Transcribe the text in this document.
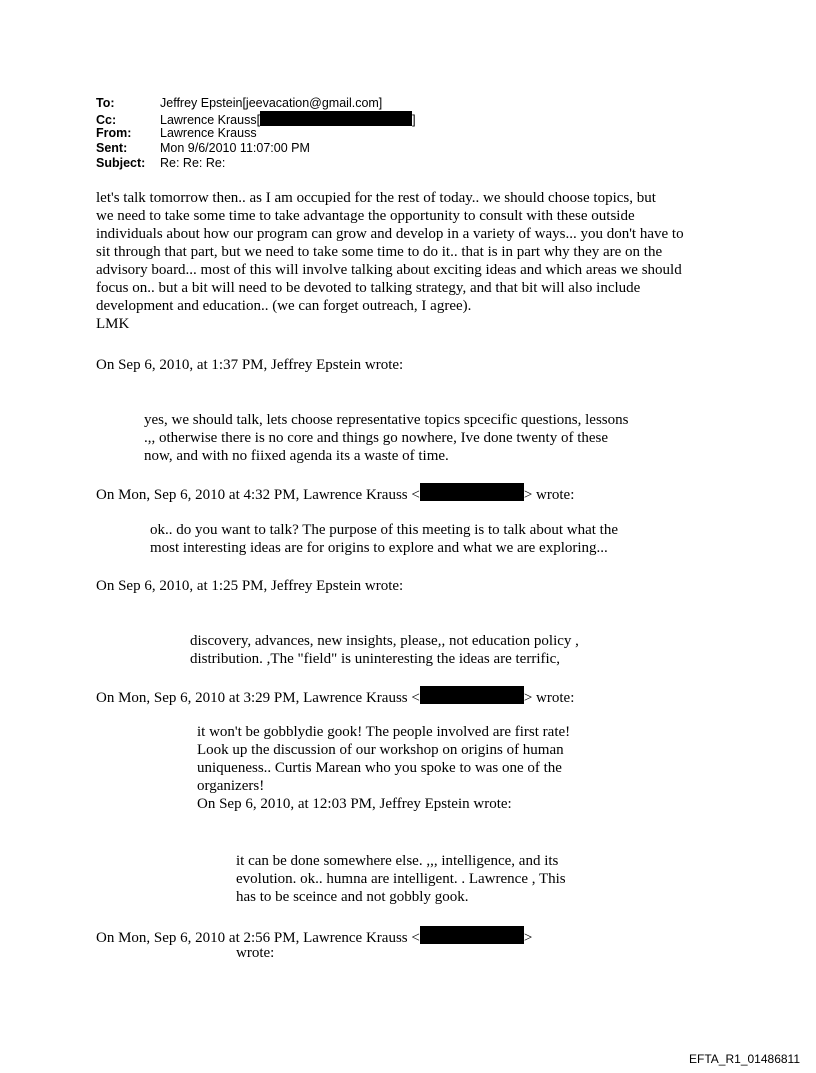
To:	Jeffrey Epstein[jeevacation@gmail.com]
Cc:	Lawrence Krauss[	]
From: Lawrence Krauss
Sent:	Mon 9/6/2010 11:07:00 PM
Subject: Re: Re: Re:
let's talk tomorrow then.. as I am occupied for the rest of today.. we should choose topics, but
we need to take some time to take advantage the opportunity to consult with these outside
individuals about how our program can grow and develop in a variety of ways... you don't have to
sit through that part, but we need to take some time to do it.. that is in part why they are on the
advisory board... most of this will involve talking about exciting ideas and which areas we should
focus on.. but a bit will need to be devoted to talking strategy, and that bit will also include
development and education.. (we can forget outreach, I agree).
LMK
On Sep 6, 2010, at 1:37 PM, Jeffrey Epstein wrote:
yes, we should talk, lets choose representative topics spcecific questions, lessons
.,, otherwise there is no core and things go nowhere, Ive done twenty of these
now, and with no fiixed agenda its a waste of time.
On Mon, Sep 6, 2010 at 4:32 PM, Lawrence Krauss <	> wrote:
ok.. do you want to talk? The purpose of this meeting is to talk about what the
most interesting ideas are for origins to explore and what we are exploring...
On Sep 6, 2010, at 1:25 PM, Jeffrey Epstein wrote:
discovery, advances, new insights, please,, not education policy ,
distribution. ,The "field" is uninteresting the ideas are terrific,
On Mon, Sep 6, 2010 at 3:29 PM, Lawrence Krauss <	> wrote:
it won't be gobblydie gook! The people involved are first rate!
Look up the discussion of our workshop on origins of human
uniqueness.. Curtis Marean who you spoke to was one of the
organizers!
On Sep 6, 2010, at 12:03 PM, Jeffrey Epstein wrote:
it can be done somewhere else. ,,, intelligence, and its
evolution. ok.. humna are intelligent. . Lawrence , This
has to be sceince and not gobbly gook.
On Mon, Sep 6, 2010 at 2:56 PM, Lawrence Krauss <	>
wrote:
EFTA_R1_01486811
